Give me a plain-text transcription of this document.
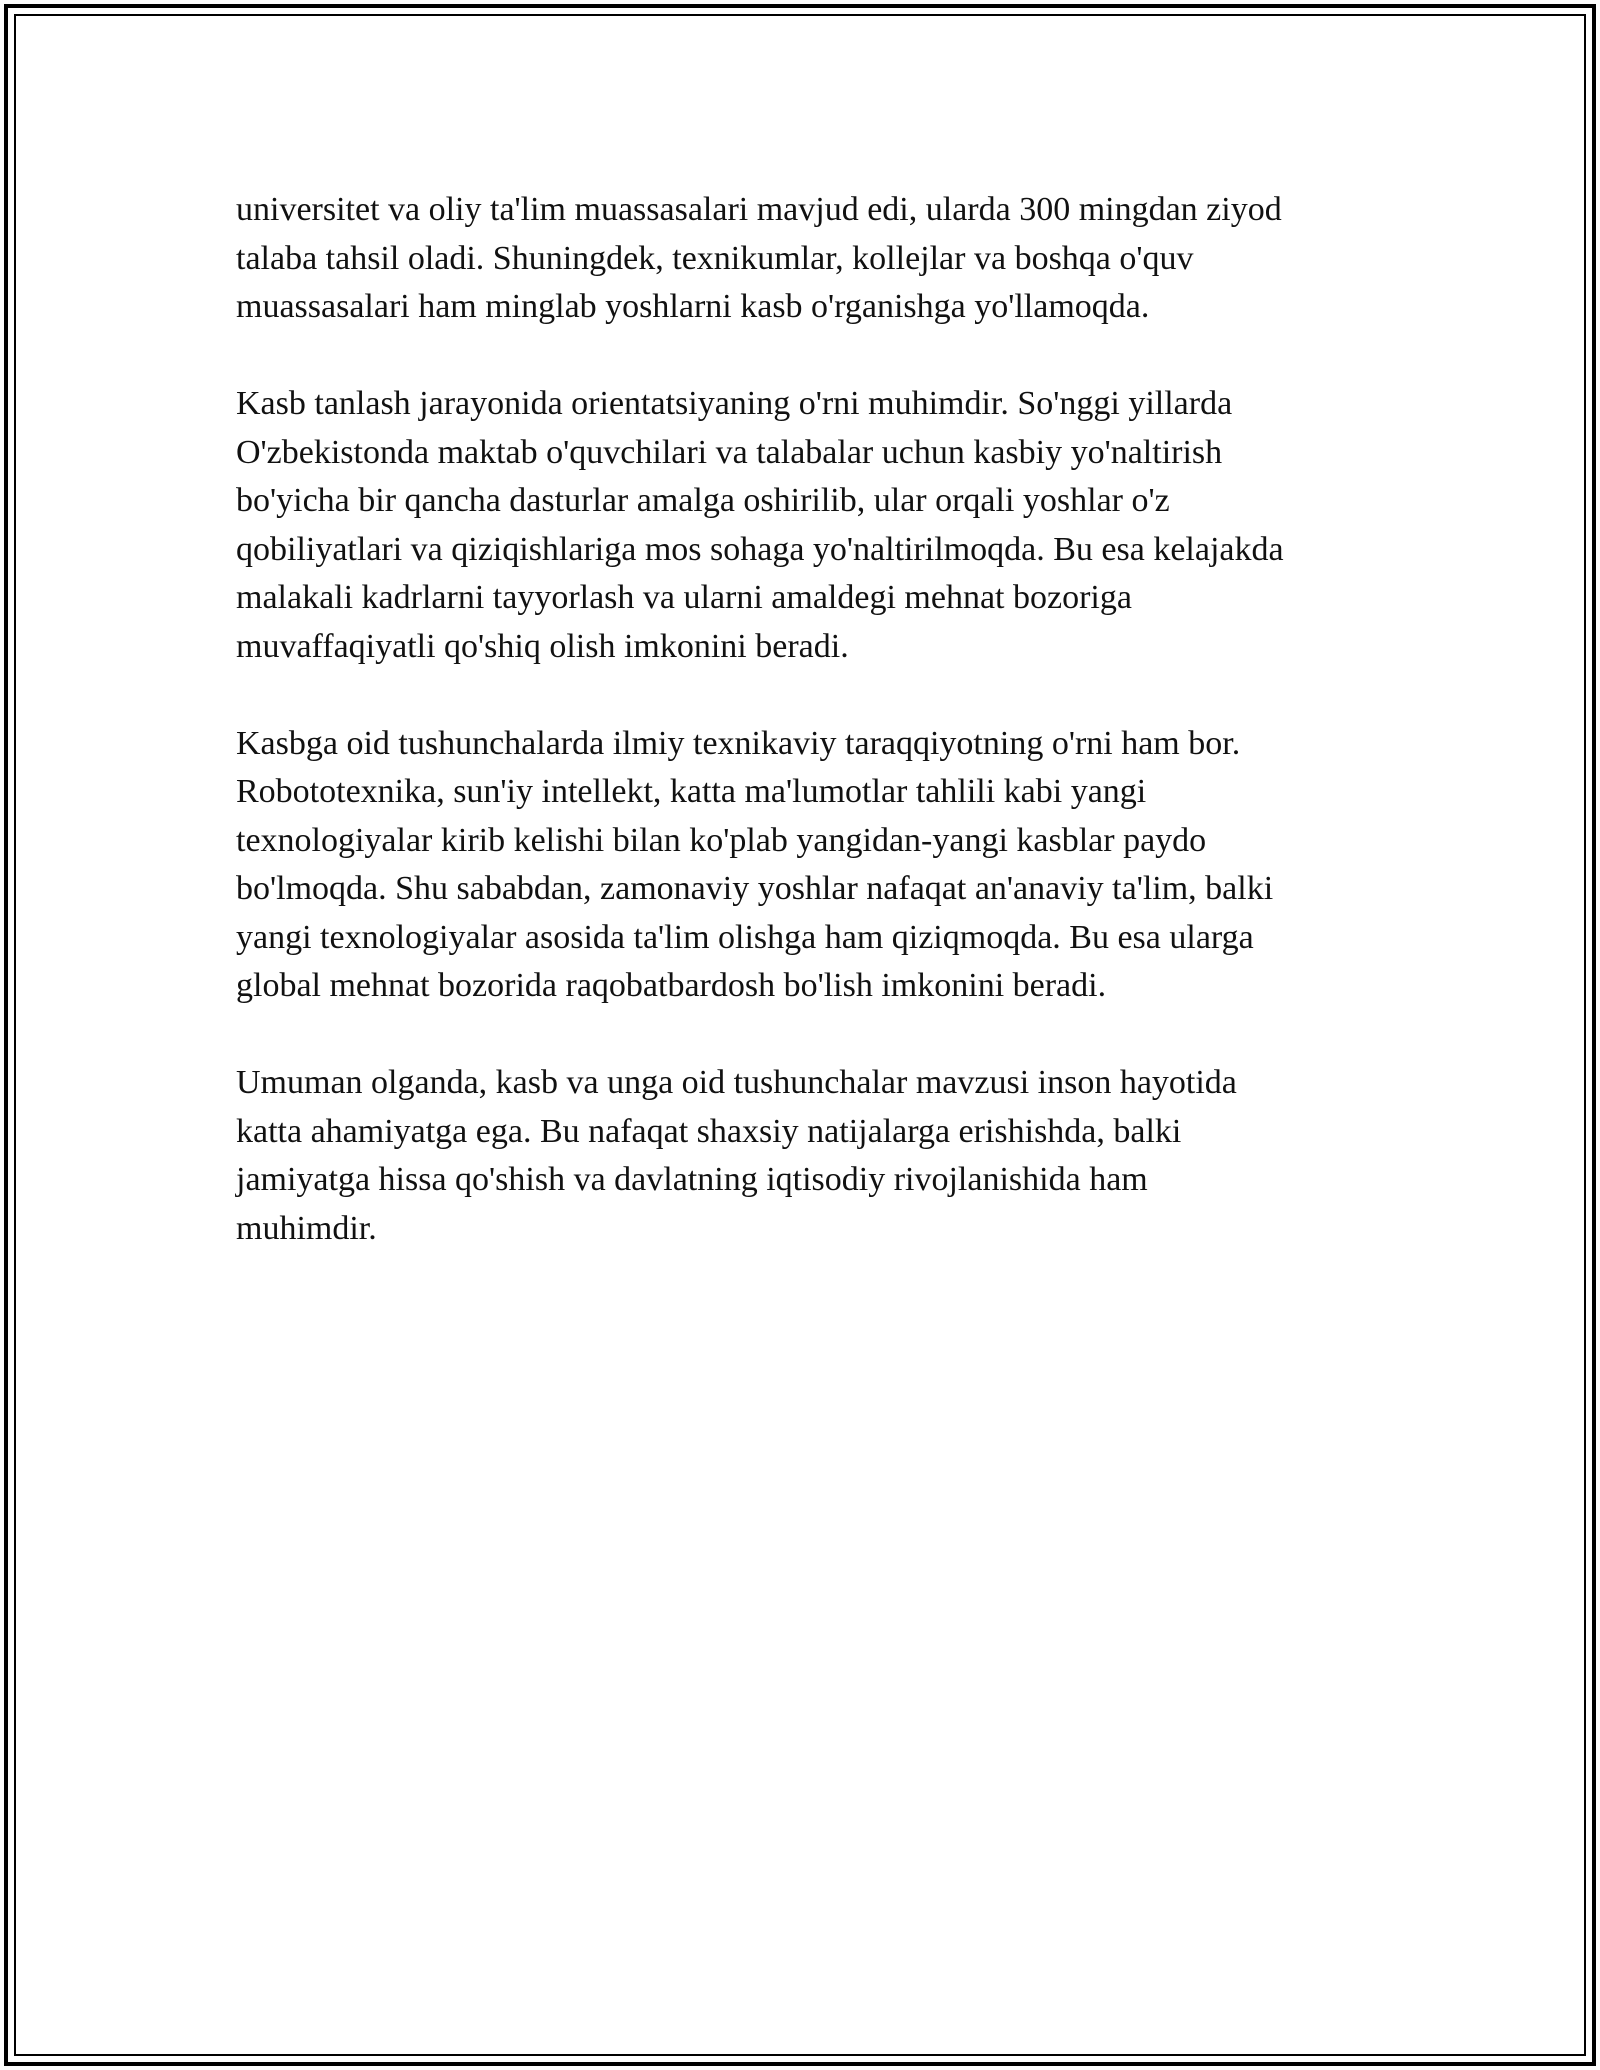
universitet va oliy ta'lim muassasalari mavjud edi, ularda 300 mingdan ziyod
talaba tahsil oladi. Shuningdek, texnikumlar, kollejlar va boshqa o'quv
muassasalari ham minglab yoshlarni kasb o'rganishga yo'llamoqda.

Kasb tanlash jarayonida orientatsiyaning o'rni muhimdir. So'nggi yillarda
O'zbekistonda maktab o'quvchilari va talabalar uchun kasbiy yo'naltirish
bo'yicha bir qancha dasturlar amalga oshirilib, ular orqali yoshlar o'z
qobiliyatlari va qiziqishlariga mos sohaga yo'naltirilmoqda. Bu esa kelajakda
malakali kadrlarni tayyorlash va ularni amaldegi mehnat bozoriga
muvaffaqiyatli qo'shiq olish imkonini beradi.

Kasbga oid tushunchalarda ilmiy texnikaviy taraqqiyotning o'rni ham bor.
Robototexnika, sun'iy intellekt, katta ma'lumotlar tahlili kabi yangi
texnologiyalar kirib kelishi bilan ko'plab yangidan-yangi kasblar paydo
bo'lmoqda. Shu sababdan, zamonaviy yoshlar nafaqat an'anaviy ta'lim, balki
yangi texnologiyalar asosida ta'lim olishga ham qiziqmoqda. Bu esa ularga
global mehnat bozorida raqobatbardosh bo'lish imkonini beradi.

Umuman olganda, kasb va unga oid tushunchalar mavzusi inson hayotida
katta ahamiyatga ega. Bu nafaqat shaxsiy natijalarga erishishda, balki
jamiyatga hissa qo'shish va davlatning iqtisodiy rivojlanishida ham
muhimdir.
